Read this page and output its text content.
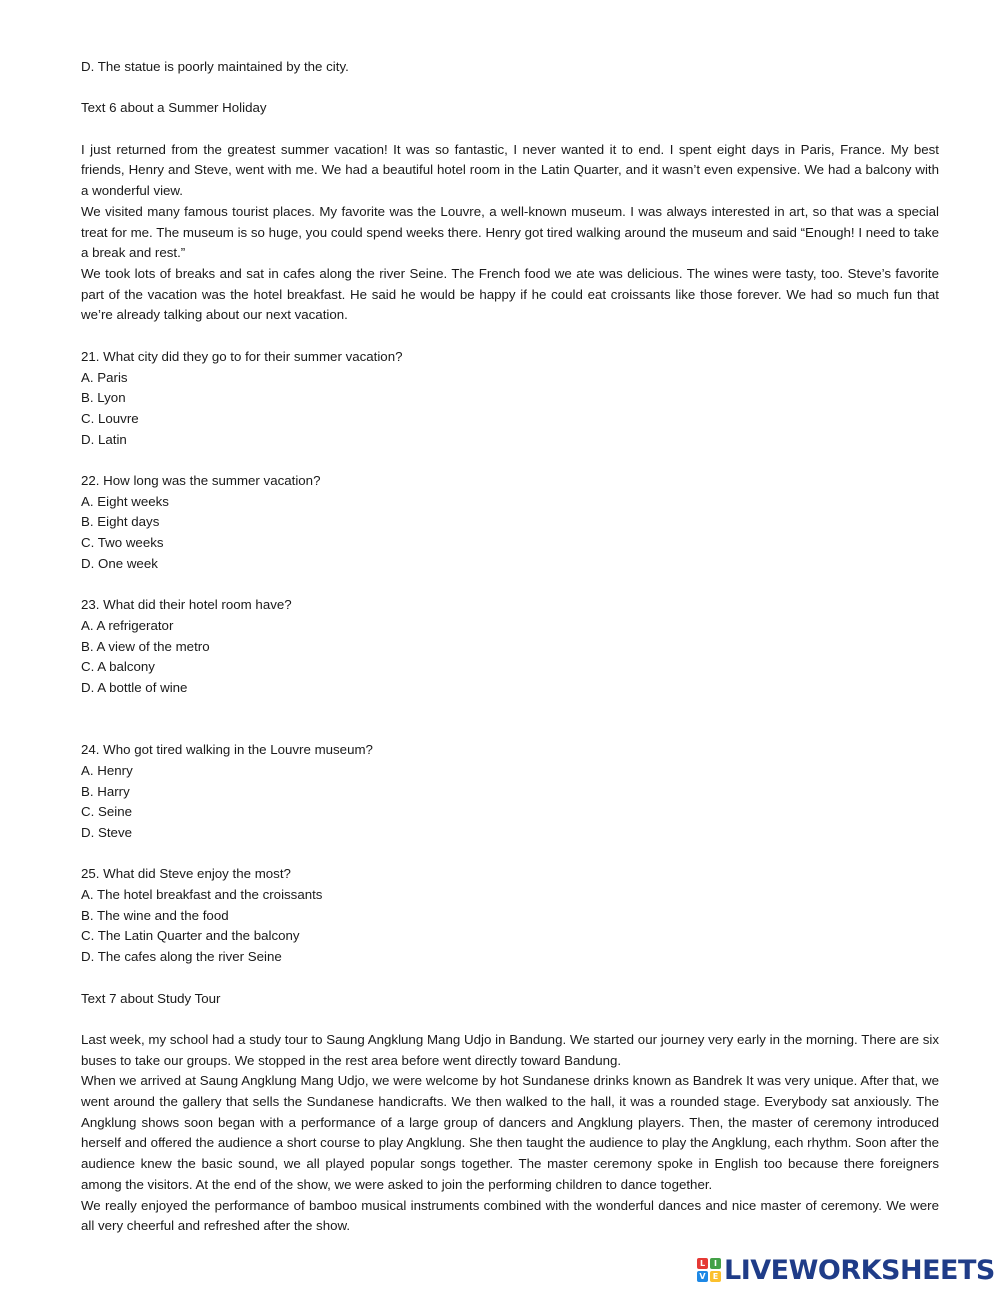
D. The statue is poorly maintained by the city.

Text 6 about a Summer Holiday

I just returned from the greatest summer vacation! It was so fantastic, I never wanted it to end. I spent eight days in Paris, France. My best friends, Henry and Steve, went with me. We had a beautiful hotel room in the Latin Quarter, and it wasn’t even expensive. We had a balcony with a wonderful view.

We visited many famous tourist places. My favorite was the Louvre, a well-known museum. I was always interested in art, so that was a special treat for me. The museum is so huge, you could spend weeks there. Henry got tired walking around the museum and said “Enough! I need to take a break and rest.”

We took lots of breaks and sat in cafes along the river Seine. The French food we ate was delicious. The wines were tasty, too. Steve’s favorite part of the vacation was the hotel breakfast. He said he would be happy if he could eat croissants like those forever. We had so much fun that we’re already talking about our next vacation.

21. What city did they go to for their summer vacation?

A. Paris

B. Lyon

C. Louvre

D. Latin

22. How long was the summer vacation?

A. Eight weeks

B. Eight days

C. Two weeks

D. One week

23. What did their hotel room have?

A. A refrigerator

B. A view of the metro

C. A balcony

D. A bottle of wine

24. Who got tired walking in the Louvre museum?

A. Henry

B. Harry

C. Seine

D. Steve

25. What did Steve enjoy the most?

A. The hotel breakfast and the croissants

B. The wine and the food

C. The Latin Quarter and the balcony

D. The cafes along the river Seine

Text 7 about Study Tour

Last week, my school had a study tour to Saung Angklung Mang Udjo in Bandung. We started our journey very early in the morning. There are six buses to take our groups. We stopped in the rest area before went directly toward Bandung.

When we arrived at Saung Angklung Mang Udjo, we were welcome by hot Sundanese drinks known as Bandrek It was very unique. After that, we went around the gallery that sells the Sundanese handicrafts. We then walked to the hall, it was a rounded stage. Everybody sat anxiously. The Angklung shows soon began with a performance of a large group of dancers and Angklung players. Then, the master of ceremony introduced herself and offered the audience a short course to play Angklung. She then taught the audience to play the Angklung, each rhythm. Soon after the audience knew the basic sound, we all played popular songs together. The master ceremony spoke in English too because there foreigners among the visitors. At the end of the show, we were asked to join the performing children to dance together.

We really enjoyed the performance of bamboo musical instruments combined with the wonderful dances and nice master of ceremony. We were all very cheerful and refreshed after the show.

L	I
V E LIVEWORKSHEETS
